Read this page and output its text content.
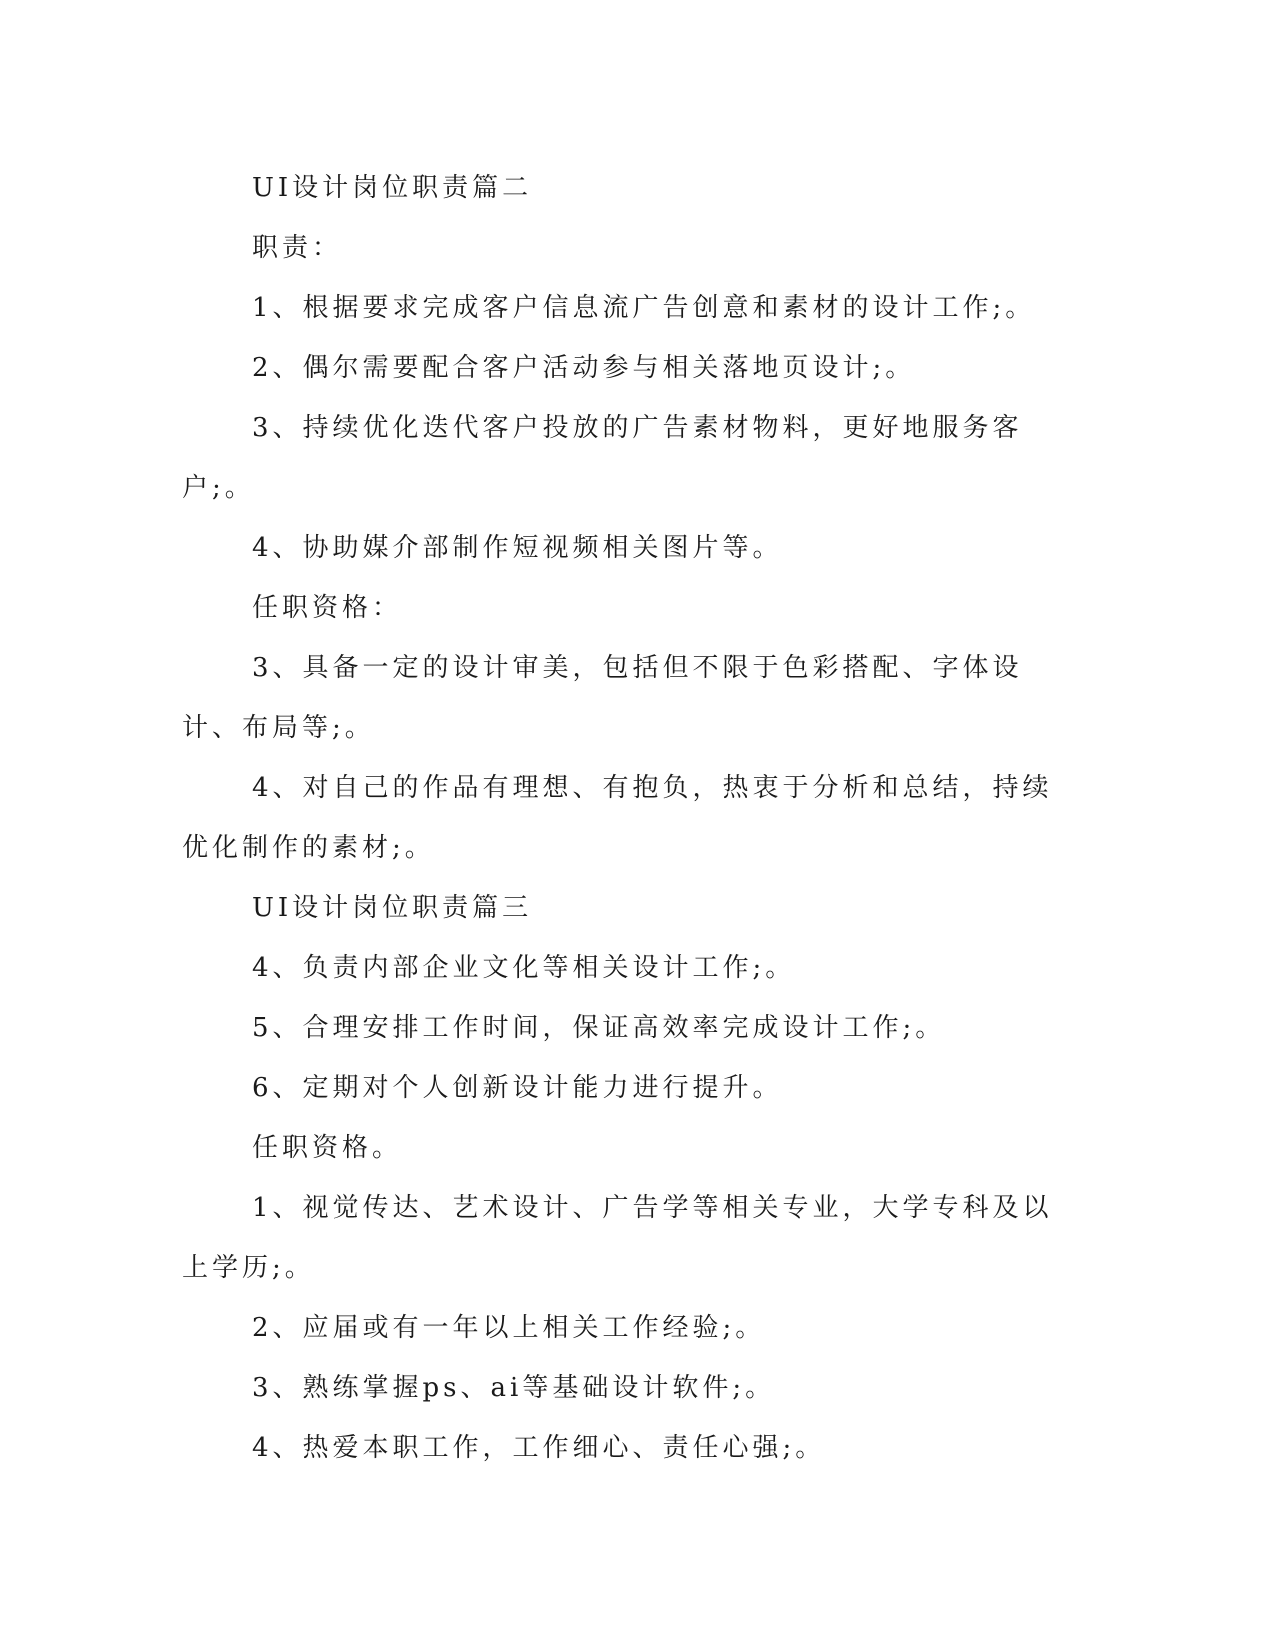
UI设计岗位职责篇二

职责：

1、根据要求完成客户信息流广告创意和素材的设计工作;。

2、偶尔需要配合客户活动参与相关落地页设计;。

3、持续优化迭代客户投放的广告素材物料，更好地服务客户;。

4、协助媒介部制作短视频相关图片等。

任职资格：

3、具备一定的设计审美，包括但不限于色彩搭配、字体设计、布局等;。

4、对自己的作品有理想、有抱负，热衷于分析和总结，持续优化制作的素材;。

UI设计岗位职责篇三

4、负责内部企业文化等相关设计工作;。

5、合理安排工作时间，保证高效率完成设计工作;。

6、定期对个人创新设计能力进行提升。

任职资格。

1、视觉传达、艺术设计、广告学等相关专业，大学专科及以上学历;。

2、应届或有一年以上相关工作经验;。

3、熟练掌握ps、ai等基础设计软件;。

4、热爱本职工作，工作细心、责任心强;。
